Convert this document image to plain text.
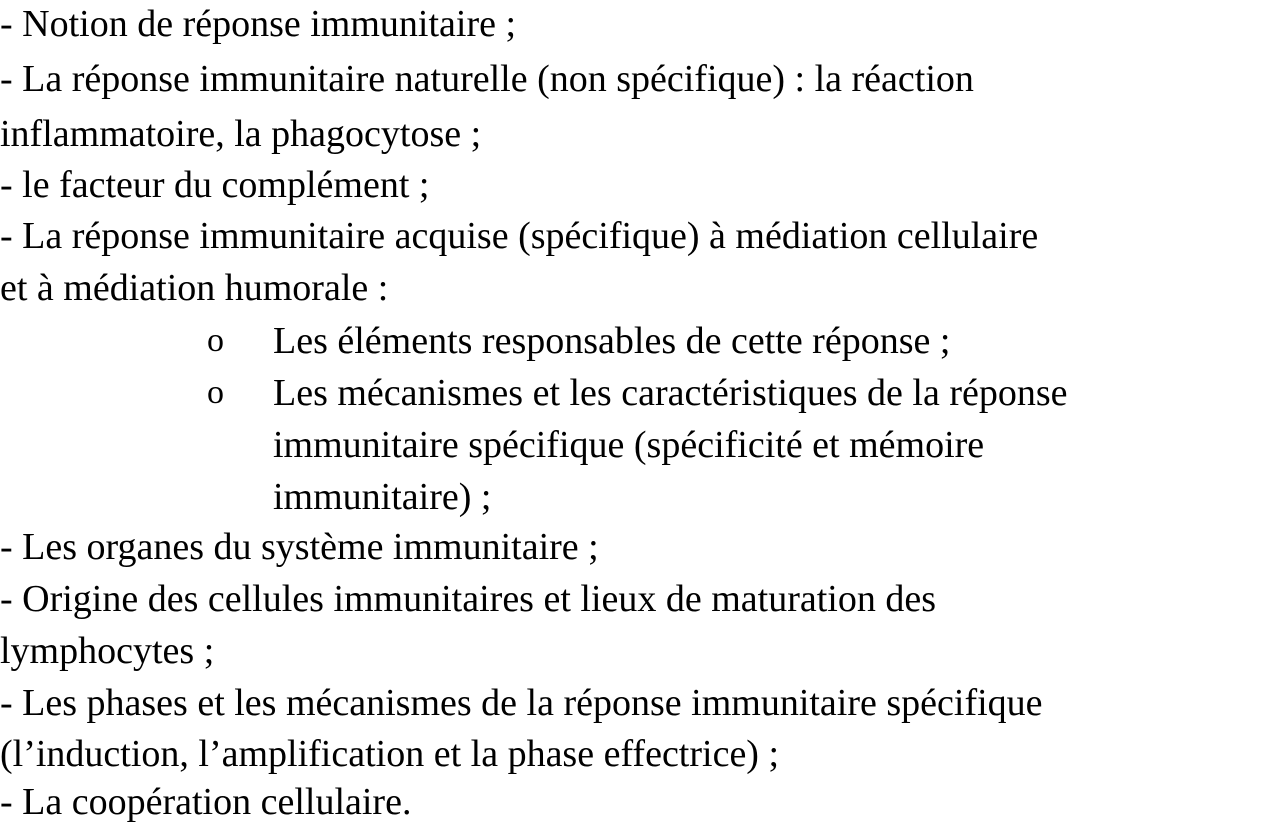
- Notion de réponse immunitaire ;
- La réponse immunitaire naturelle (non spécifique) : la réaction
inflammatoire, la phagocytose ;
- le facteur du complément ;
- La réponse immunitaire acquise (spécifique) à médiation cellulaire
et à médiation humorale :
o Les éléments responsables de cette réponse ;
o Les mécanismes et les caractéristiques de la réponse
immunitaire spécifique (spécificité et mémoire
immunitaire) ;
- Les organes du système immunitaire ;
- Origine des cellules immunitaires et lieux de maturation des
lymphocytes ;
- Les phases et les mécanismes de la réponse immunitaire spécifique
(l’induction, l’amplification et la phase effectrice) ;
- La coopération cellulaire.
